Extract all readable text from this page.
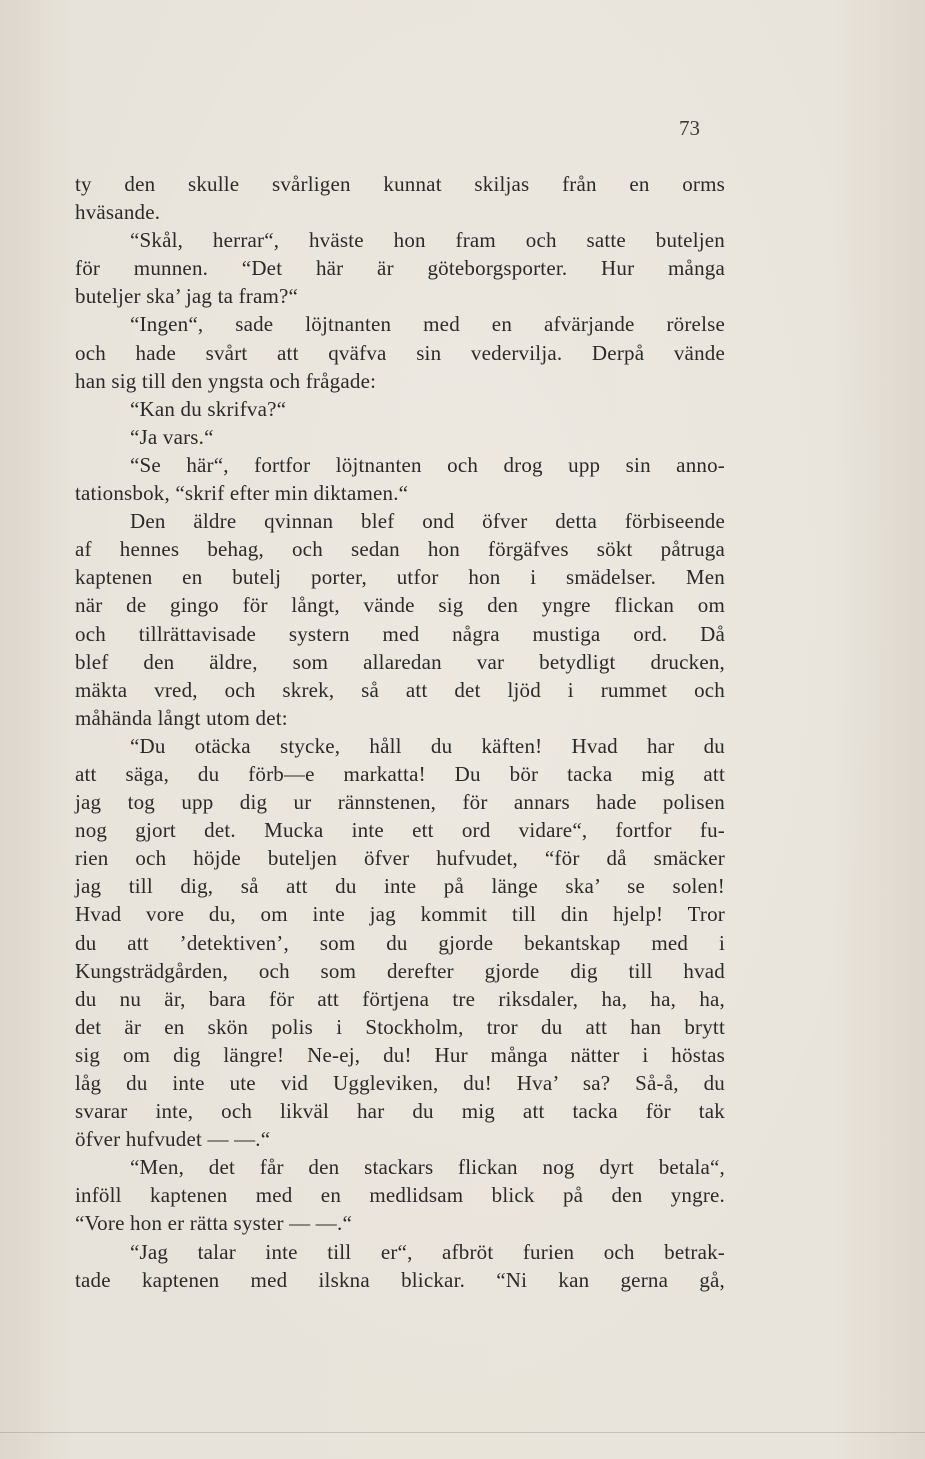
73
ty den skulle svårligen kunnat skiljas från en orms
hväsande.
“Skål, herrar“, hväste hon fram och satte buteljen
för munnen. “Det här är göteborgsporter. Hur många
buteljer ska’ jag ta fram?“
“Ingen“, sade löjtnanten med en afvärjande rörelse
och hade svårt att qväfva sin vedervilja. Derpå vände
han sig till den yngsta och frågade:
“Kan du skrifva?“
“Ja vars.“
“Se här“, fortfor löjtnanten och drog upp sin anno-
tationsbok, “skrif efter min diktamen.“
Den äldre qvinnan blef ond öfver detta förbiseende
af hennes behag, och sedan hon förgäfves sökt påtruga
kaptenen en butelj porter, utfor hon i smädelser. Men
när de gingo för långt, vände sig den yngre flickan om
och tillrättavisade systern med några mustiga ord. Då
blef den äldre, som allaredan var betydligt drucken,
mäkta vred, och skrek, så att det ljöd i rummet och
måhända långt utom det:
“Du otäcka stycke, håll du käften! Hvad har du
att säga, du förb—e markatta! Du bör tacka mig att
jag tog upp dig ur rännstenen, för annars hade polisen
nog gjort det. Mucka inte ett ord vidare“, fortfor fu-
rien och höjde buteljen öfver hufvudet, “för då smäcker
jag till dig, så att du inte på länge ska’ se solen!
Hvad vore du, om inte jag kommit till din hjelp! Tror
du att ’detektiven’, som du gjorde bekantskap med i
Kungsträdgården, och som derefter gjorde dig till hvad
du nu är, bara för att förtjena tre riksdaler, ha, ha, ha,
det är en skön polis i Stockholm, tror du att han brytt
sig om dig längre! Ne-ej, du! Hur många nätter i höstas
låg du inte ute vid Uggleviken, du! Hva’ sa? Så-å, du
svarar inte, och likväl har du mig att tacka för tak
öfver hufvudet — —.“
“Men, det får den stackars flickan nog dyrt betala“,
inföll kaptenen med en medlidsam blick på den yngre.
“Vore hon er rätta syster — —.“
“Jag talar inte till er“, afbröt furien och betrak-
tade kaptenen med ilskna blickar. “Ni kan gerna gå,
